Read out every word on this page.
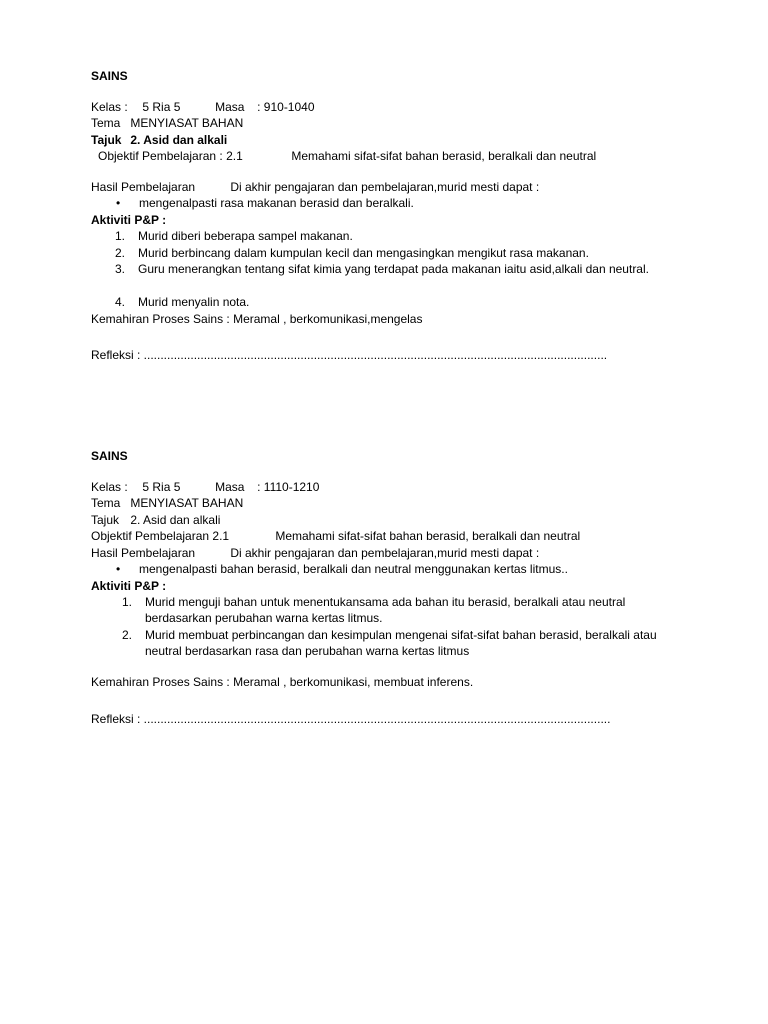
SAINS
Kelas : 5 Ria 5	Masa : 910-1040
Tema MENYIASAT BAHAN
Tajuk 2. Asid dan alkali
Objektif Pembelajaran : 2.1	Memahami sifat-sifat bahan berasid, beralkali dan neutral
Hasil Pembelajaran	Di akhir pengajaran dan pembelajaran,murid mesti dapat :
• mengenalpasti rasa makanan berasid dan beralkali.
Aktiviti P&P :
1. Murid diberi beberapa sampel makanan.
2. Murid berbincang dalam kumpulan kecil dan mengasingkan mengikut rasa makanan.
3. Guru menerangkan tentang sifat kimia yang terdapat pada makanan iaitu asid,alkali dan neutral.
4. Murid menyalin nota.
Kemahiran Proses Sains : Meramal , berkomunikasi,mengelas
Refleksi : ...........................................................................................................................................
SAINS
Kelas : 5 Ria 5	Masa : 1110-1210
Tema MENYIASAT BAHAN
Tajuk 2. Asid dan alkali
Objektif Pembelajaran 2.1	Memahami sifat-sifat bahan berasid, beralkali dan neutral
Hasil Pembelajaran	Di akhir pengajaran dan pembelajaran,murid mesti dapat :
• mengenalpasti bahan berasid, beralkali dan neutral menggunakan kertas litmus..
Aktiviti P&P :
1. Murid menguji bahan untuk menentukansama ada bahan itu berasid, beralkali atau neutral berdasarkan perubahan warna kertas litmus.
2. Murid membuat perbincangan dan kesimpulan mengenai sifat-sifat bahan berasid, beralkali atau neutral berdasarkan rasa dan perubahan warna kertas litmus
Kemahiran Proses Sains : Meramal , berkomunikasi, membuat inferens.
Refleksi : ............................................................................................................................................
